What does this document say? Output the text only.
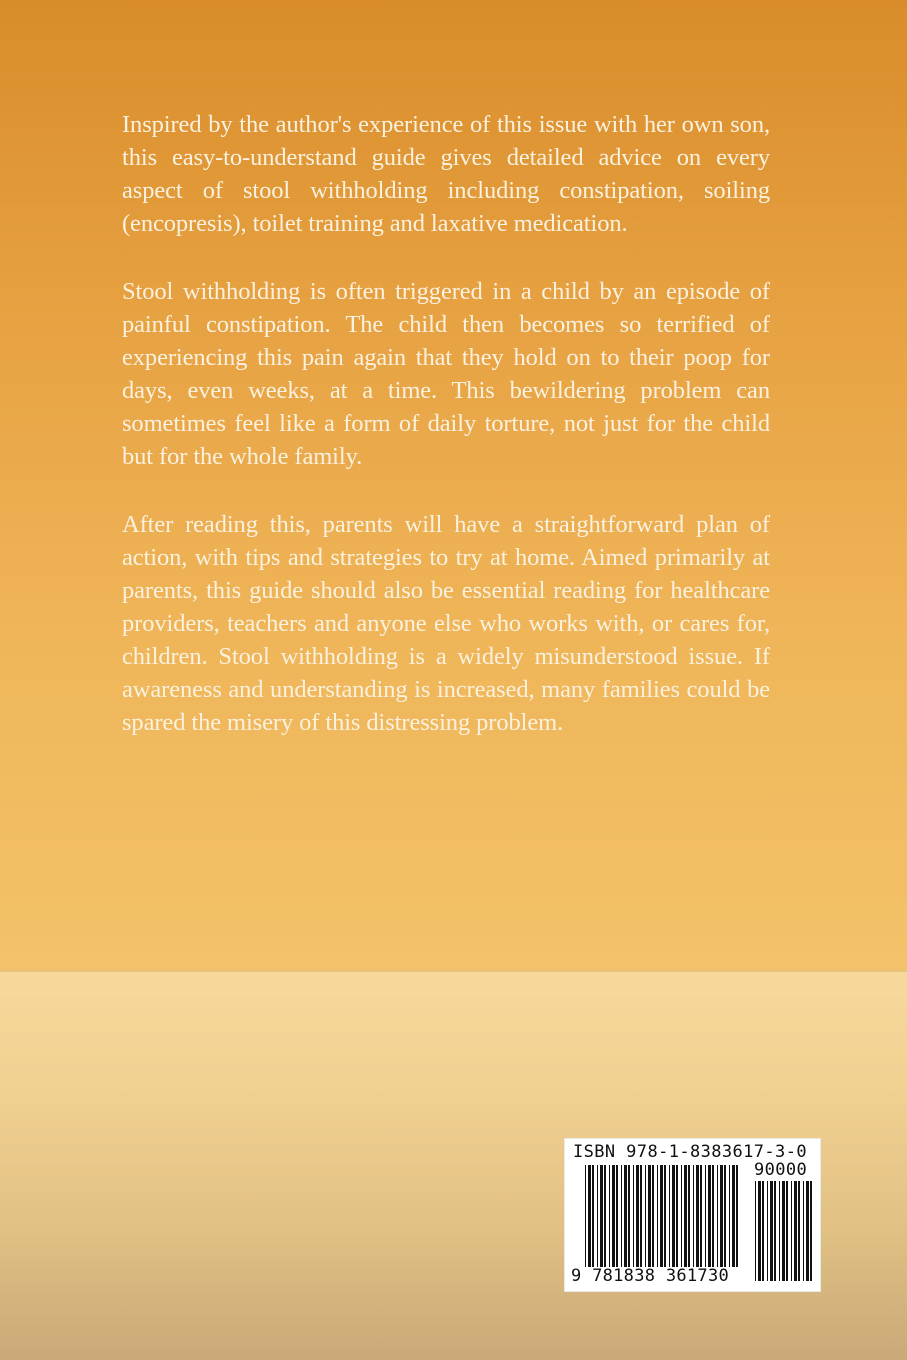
Inspired by the author's experience of this issue with her own son, this easy-to-understand guide gives detailed advice on every aspect of stool withholding including constipation, soiling (encopresis), toilet training and laxative medication.

Stool withholding is often triggered in a child by an episode of painful constipation. The child then becomes so terrified of experiencing this pain again that they hold on to their poop for days, even weeks, at a time. This bewildering problem can sometimes feel like a form of daily torture, not just for the child but for the whole family.

After reading this, parents will have a straightforward plan of action, with tips and strategies to try at home. Aimed primarily at parents, this guide should also be essential reading for healthcare providers, teachers and anyone else who works with, or cares for, children. Stool withholding is a widely misunderstood issue. If awareness and understanding is increased, many families could be spared the misery of this distressing problem.

ISBN 978-1-8383617-3-0
90000
9 781838 361730
